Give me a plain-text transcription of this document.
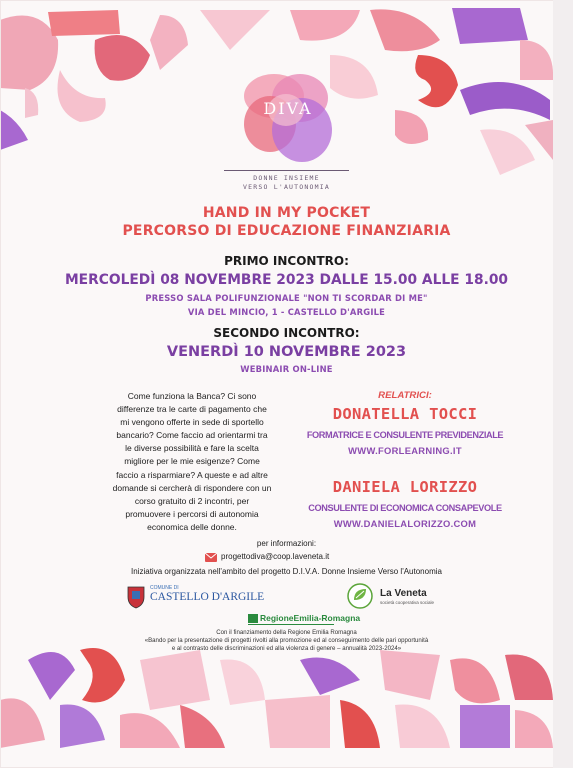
DIVA
DONNE INSIEME
VERSO L'AUTONOMIA
HAND IN MY POCKET
PERCORSO DI EDUCAZIONE FINANZIARIA
PRIMO INCONTRO:
MERCOLEDÌ 08 NOVEMBRE 2023 DALLE 15.00 ALLE 18.00
PRESSO SALA POLIFUNZIONALE "NON TI SCORDAR DI ME"
VIA DEL MINCIO, 1 - CASTELLO D'ARGILE
SECONDO INCONTRO:
VENERDÌ 10 NOVEMBRE 2023
WEBINAIR ON-LINE
Come funziona la Banca? Ci sono differenze tra le carte di pagamento che mi vengono offerte in sede di sportello bancario? Come faccio ad orientarmi tra le diverse possibilità e fare la scelta migliore per le mie esigenze? Come faccio a risparmiare? A queste e ad altre domande si cercherà di rispondere con un corso gratuito di 2 incontri, per promuovere i percorsi di autonomia economica delle donne.
RELATRICI:
DONATELLA TOCCI
FORMATRICE E CONSULENTE PREVIDENZIALE
WWW.FORLEARNING.IT
DANIELA LORIZZO
CONSULENTE DI ECONOMICA CONSAPEVOLE
WWW.DANIELALORIZZO.COM
per informazioni:
progettodiva@coop.laveneta.it
Iniziativa organizzata nell'ambito del progetto D.I.V.A. Donne Insieme Verso l'Autonomia
COMUNE DI
CASTELLO D'ARGILE	La Veneta
società cooperativa sociale
RegioneEmilia-Romagna
Con il finanziamento della Regione Emilia Romagna
«Bando per la presentazione di progetti rivolti alla promozione ed al conseguimento delle pari opportunità
e al contrasto delle discriminazioni ed alla violenza di genere – annualità 2023-2024»
